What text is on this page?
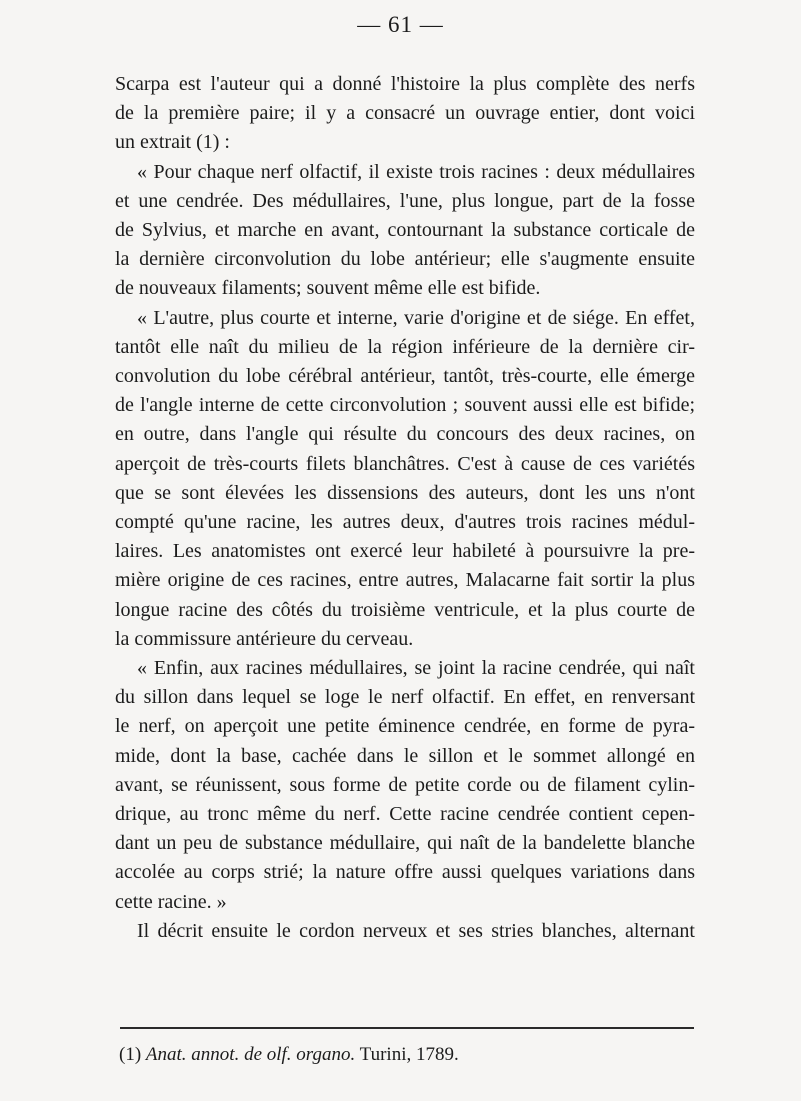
— 61 —

Scarpa est l'auteur qui a donné l'histoire la plus complète des nerfs
de la première paire; il y a consacré un ouvrage entier, dont voici
un extrait (1) :

« Pour chaque nerf olfactif, il existe trois racines : deux médullaires
et une cendrée. Des médullaires, l'une, plus longue, part de la fosse
de Sylvius, et marche en avant, contournant la substance corticale de
la dernière circonvolution du lobe antérieur; elle s'augmente ensuite
de nouveaux filaments; souvent même elle est bifide.

« L'autre, plus courte et interne, varie d'origine et de siége. En effet,
tantôt elle naît du milieu de la région inférieure de la dernière cir-
convolution du lobe cérébral antérieur, tantôt, très-courte, elle émerge
de l'angle interne de cette circonvolution ; souvent aussi elle est bifide;
en outre, dans l'angle qui résulte du concours des deux racines, on
aperçoit de très-courts filets blanchâtres. C'est à cause de ces variétés
que se sont élevées les dissensions des auteurs, dont les uns n'ont
compté qu'une racine, les autres deux, d'autres trois racines médul-
laires. Les anatomistes ont exercé leur habileté à poursuivre la pre-
mière origine de ces racines, entre autres, Malacarne fait sortir la plus
longue racine des côtés du troisième ventricule, et la plus courte de
la commissure antérieure du cerveau.

« Enfin, aux racines médullaires, se joint la racine cendrée, qui naît
du sillon dans lequel se loge le nerf olfactif. En effet, en renversant
le nerf, on aperçoit une petite éminence cendrée, en forme de pyra-
mide, dont la base, cachée dans le sillon et le sommet allongé en
avant, se réunissent, sous forme de petite corde ou de filament cylin-
drique, au tronc même du nerf. Cette racine cendrée contient cepen-
dant un peu de substance médullaire, qui naît de la bandelette blanche
accolée au corps strié; la nature offre aussi quelques variations dans
cette racine. »

Il décrit ensuite le cordon nerveux et ses stries blanches, alternant

(1) Anat. annot. de olf. organo. Turini, 1789.
